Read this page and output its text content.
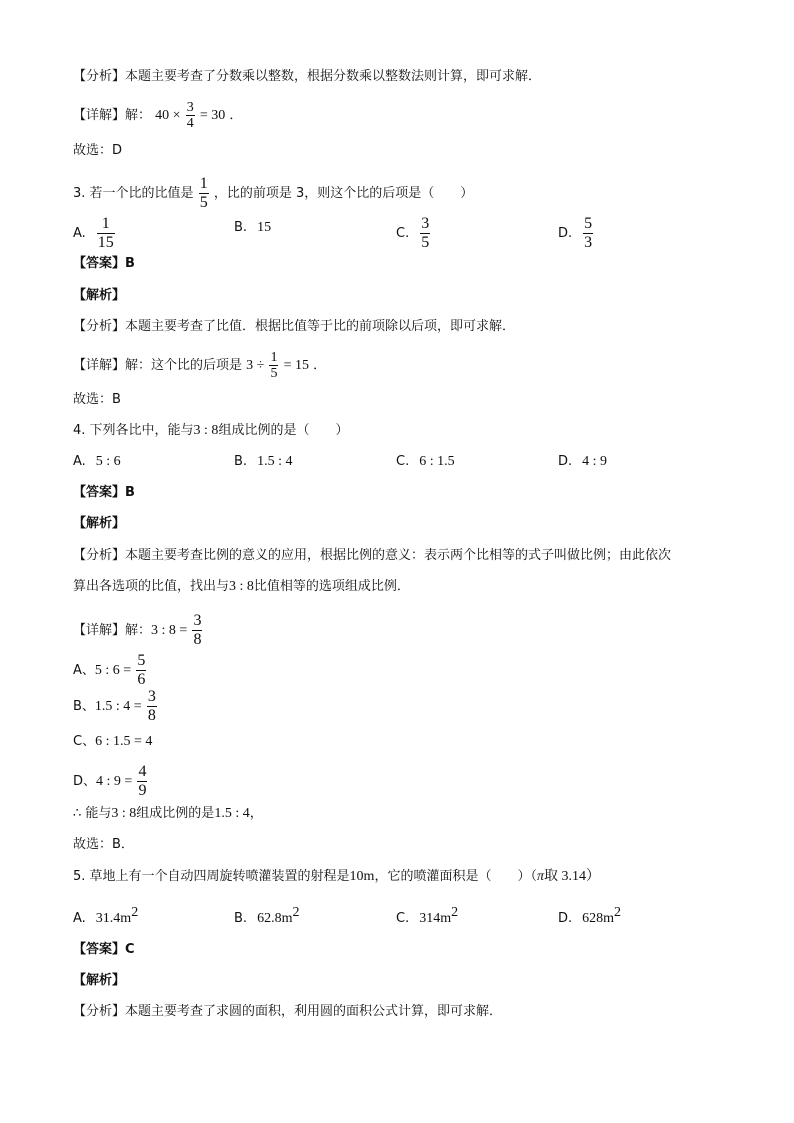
【分析】本题主要考查了分数乘以整数，根据分数乘以整数法则计算，即可求解．
【详解】解： $40 \times \frac{3}{4} = 30$ ．
故选：D
3. 若一个比的比值是 $\frac{1}{5}$ ，比的前项是 3，则这个比的后项是（　　）
A. $\frac{1}{15}$	B. 15	C. $\frac{3}{5}$	D. $\frac{5}{3}$
【答案】B
【解析】
【分析】本题主要考查了比值．根据比值等于比的前项除以后项，即可求解．
【详解】解：这个比的后项是 $3 \div \frac{1}{5} = 15$ ．
故选：B
4. 下列各比中，能与3 : 8组成比例的是（　　）
A. 5 : 6	B. 1.5 : 4	C. 6 : 1.5	D. 4 : 9
【答案】B
【解析】
【分析】本题主要考查比例的意义的应用，根据比例的意义：表示两个比相等的式子叫做比例；由此依次
算出各选项的比值，找出与3 : 8比值相等的选项组成比例．
【详解】解：3 : $8 = \frac{3}{8}$
A、5 : $6 = \frac{5}{6}$
B、1.5 : $4 = \frac{3}{8}$
C、6 : 1.5 = 4
D、4 : $9 = \frac{4}{9}$
∴ 能与3 : 8组成比例的是1.5 : 4，
故选：B．
5. 草地上有一个自动四周旋转喷灌装置的射程是10m，它的喷灌面积是（　　）（π取 3.14）
A. $31.4m^2$	B. $62.8m^2$	C. $314m^2$	D. $628m^2$
【答案】C
【解析】
【分析】本题主要考查了求圆的面积，利用圆的面积公式计算，即可求解．
